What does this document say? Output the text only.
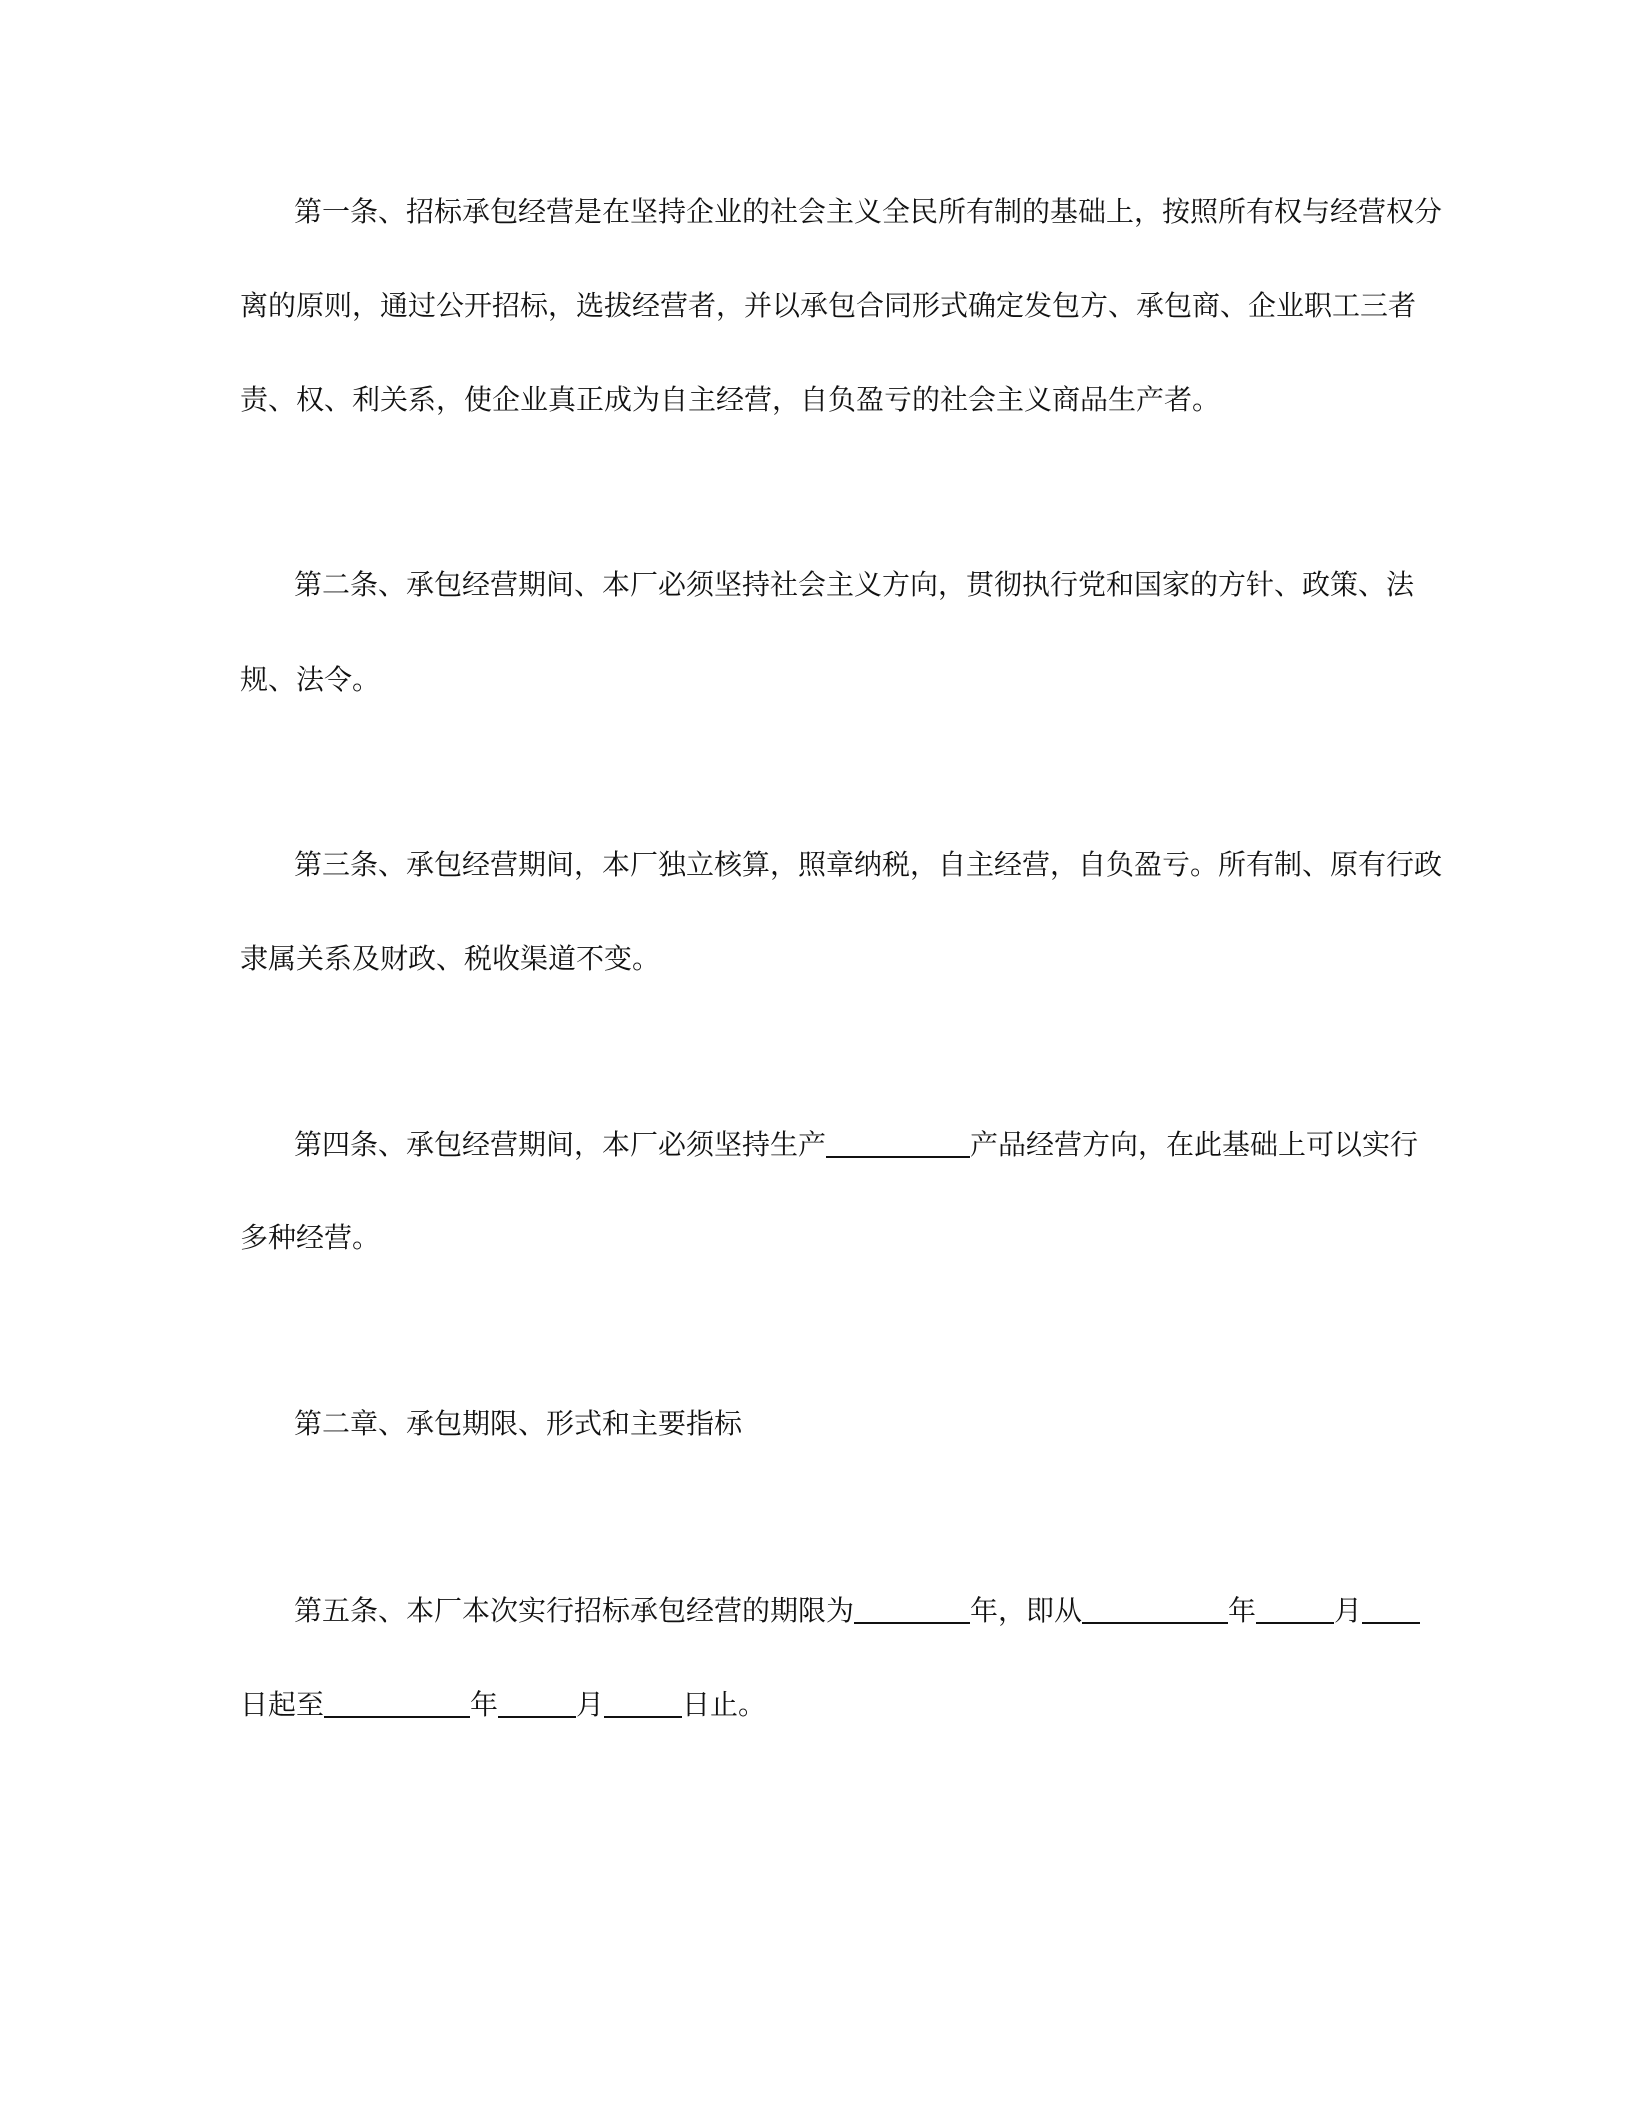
第一条、招标承包经营是在坚持企业的社会主义全民所有制的基础上，按照所有权与经营权分
离的原则，通过公开招标，选拔经营者，并以承包合同形式确定发包方、承包商、企业职工三者
责、权、利关系，使企业真正成为自主经营，自负盈亏的社会主义商品生产者。
第二条、承包经营期间、本厂必须坚持社会主义方向，贯彻执行党和国家的方针、政策、法
规、法令。
第三条、承包经营期间，本厂独立核算，照章纳税，自主经营，自负盈亏。所有制、原有行政
隶属关系及财政、税收渠道不变。
第四条、承包经营期间，本厂必须坚持生产	产品经营方向，在此基础上可以实行
多种经营。
第二章、承包期限、形式和主要指标
第五条、本厂本次实行招标承包经营的期限为	年，即从	年	月
日起至	年	月	日止。
